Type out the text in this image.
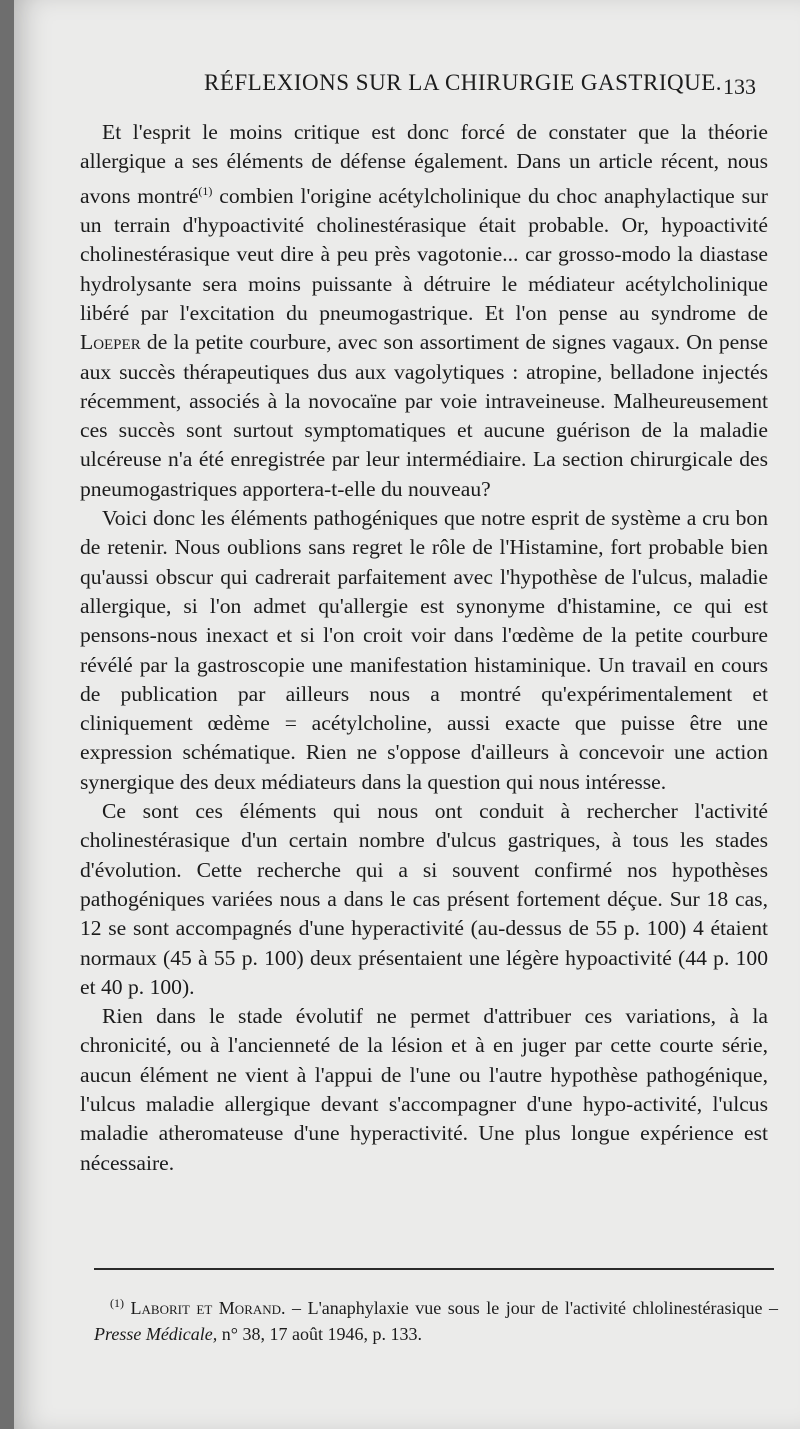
RÉFLEXIONS SUR LA CHIRURGIE GASTRIQUE. 133

Et l'esprit le moins critique est donc forcé de constater que la théorie allergique a ses éléments de défense également. Dans un article récent, nous avons montré$^{(1)}$ combien l'origine acétylcholinique du choc anaphylactique sur un terrain d'hypoactivité cholinestérasique était probable. Or, hypoactivité cholinestérasique veut dire à peu près vagotonie... car grosso-modo la diastase hydrolysante sera moins puissante à détruire le médiateur acétylcholinique libéré par l'excitation du pneumogastrique. Et l'on pense au syndrome de Loeper de la petite courbure, avec son assortiment de signes vagaux. On pense aux succès thérapeutiques dus aux vagolytiques : atropine, belladone injectés récemment, associés à la novocaïne par voie intraveineuse. Malheureusement ces succès sont surtout symptomatiques et aucune guérison de la maladie ulcéreuse n'a été enregistrée par leur intermédiaire. La section chirurgicale des pneumogastriques apportera-t-elle du nouveau?

Voici donc les éléments pathogéniques que notre esprit de système a cru bon de retenir. Nous oublions sans regret le rôle de l'Histamine, fort probable bien qu'aussi obscur qui cadrerait parfaitement avec l'hypothèse de l'ulcus, maladie allergique, si l'on admet qu'allergie est synonyme d'histamine, ce qui est pensons-nous inexact et si l'on croit voir dans l'œdème de la petite courbure révélé par la gastroscopie une manifestation histaminique. Un travail en cours de publication par ailleurs nous a montré qu'expérimentalement et cliniquement œdème = acétylcholine, aussi exacte que puisse être une expression schématique. Rien ne s'oppose d'ailleurs à concevoir une action synergique des deux médiateurs dans la question qui nous intéresse.

Ce sont ces éléments qui nous ont conduit à rechercher l'activité cholinestérasique d'un certain nombre d'ulcus gastriques, à tous les stades d'évolution. Cette recherche qui a si souvent confirmé nos hypothèses pathogéniques variées nous a dans le cas présent fortement déçue. Sur 18 cas, 12 se sont accompagnés d'une hyperactivité (au-dessus de 55 p. 100) 4 étaient normaux (45 à 55 p. 100) deux présentaient une légère hypoactivité (44 p. 100 et 40 p. 100).

Rien dans le stade évolutif ne permet d'attribuer ces variations, à la chronicité, ou à l'ancienneté de la lésion et à en juger par cette courte série, aucun élément ne vient à l'appui de l'une ou l'autre hypothèse pathogénique, l'ulcus maladie allergique devant s'accompagner d'une hypo-activité, l'ulcus maladie atheromateuse d'une hyperactivité. Une plus longue expérience est nécessaire.

$^{(1)}$ Laborit et Morand. – L'anaphylaxie vue sous le jour de l'activité chlolinestérasique – Presse Médicale, n° 38, 17 août 1946, p. 133.
